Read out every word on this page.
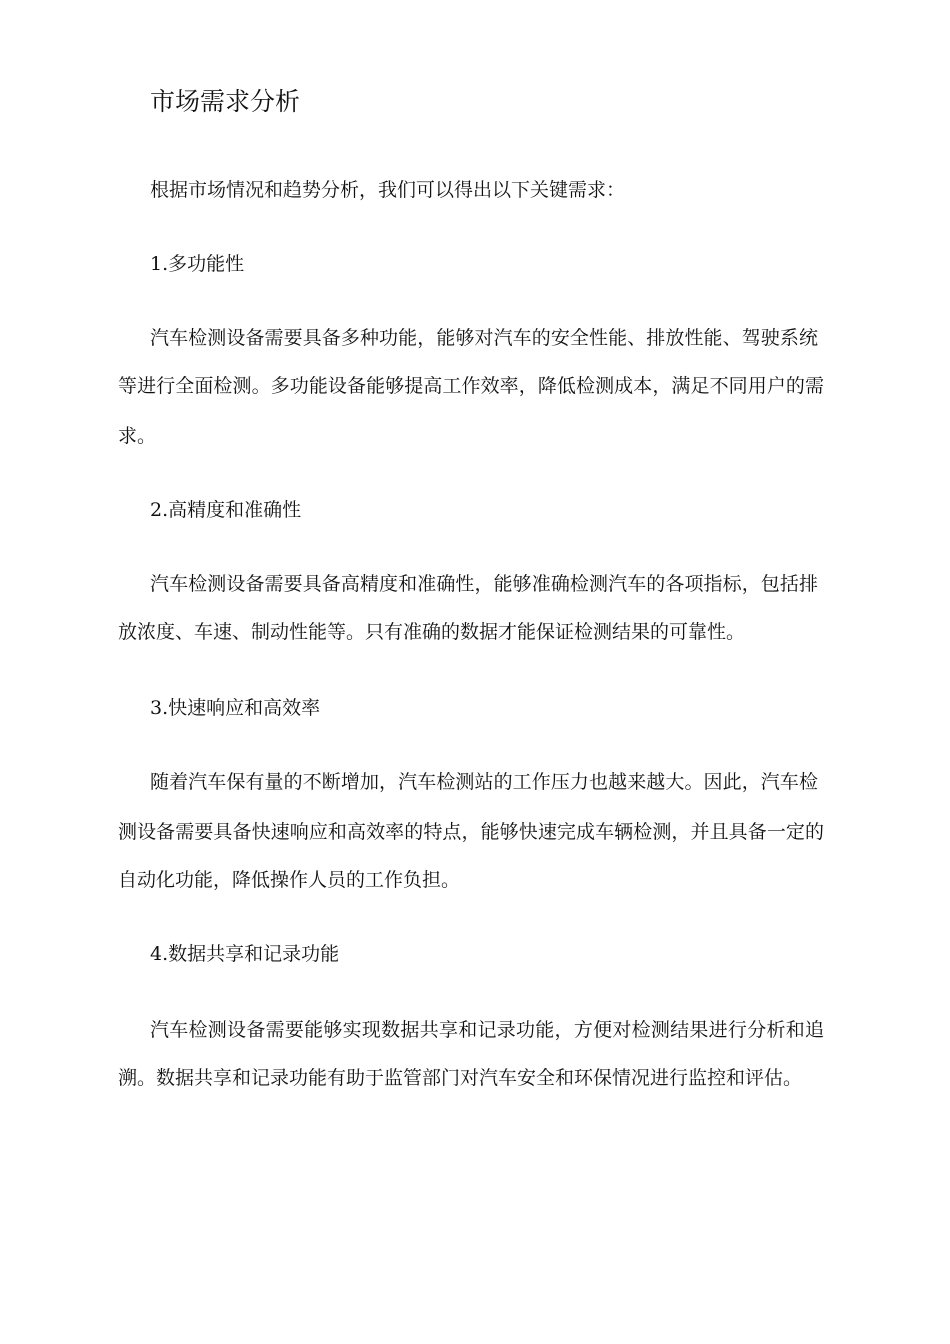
市场需求分析
根据市场情况和趋势分析，我们可以得出以下关键需求：
1.多功能性
汽车检测设备需要具备多种功能，能够对汽车的安全性能、排放性能、驾驶系统
等进行全面检测。多功能设备能够提高工作效率，降低检测成本，满足不同用户的需
求。
2.高精度和准确性
汽车检测设备需要具备高精度和准确性，能够准确检测汽车的各项指标，包括排
放浓度、车速、制动性能等。只有准确的数据才能保证检测结果的可靠性。
3.快速响应和高效率
随着汽车保有量的不断增加，汽车检测站的工作压力也越来越大。因此，汽车检
测设备需要具备快速响应和高效率的特点，能够快速完成车辆检测，并且具备一定的
自动化功能，降低操作人员的工作负担。
4.数据共享和记录功能
汽车检测设备需要能够实现数据共享和记录功能，方便对检测结果进行分析和追
溯。数据共享和记录功能有助于监管部门对汽车安全和环保情况进行监控和评估。
